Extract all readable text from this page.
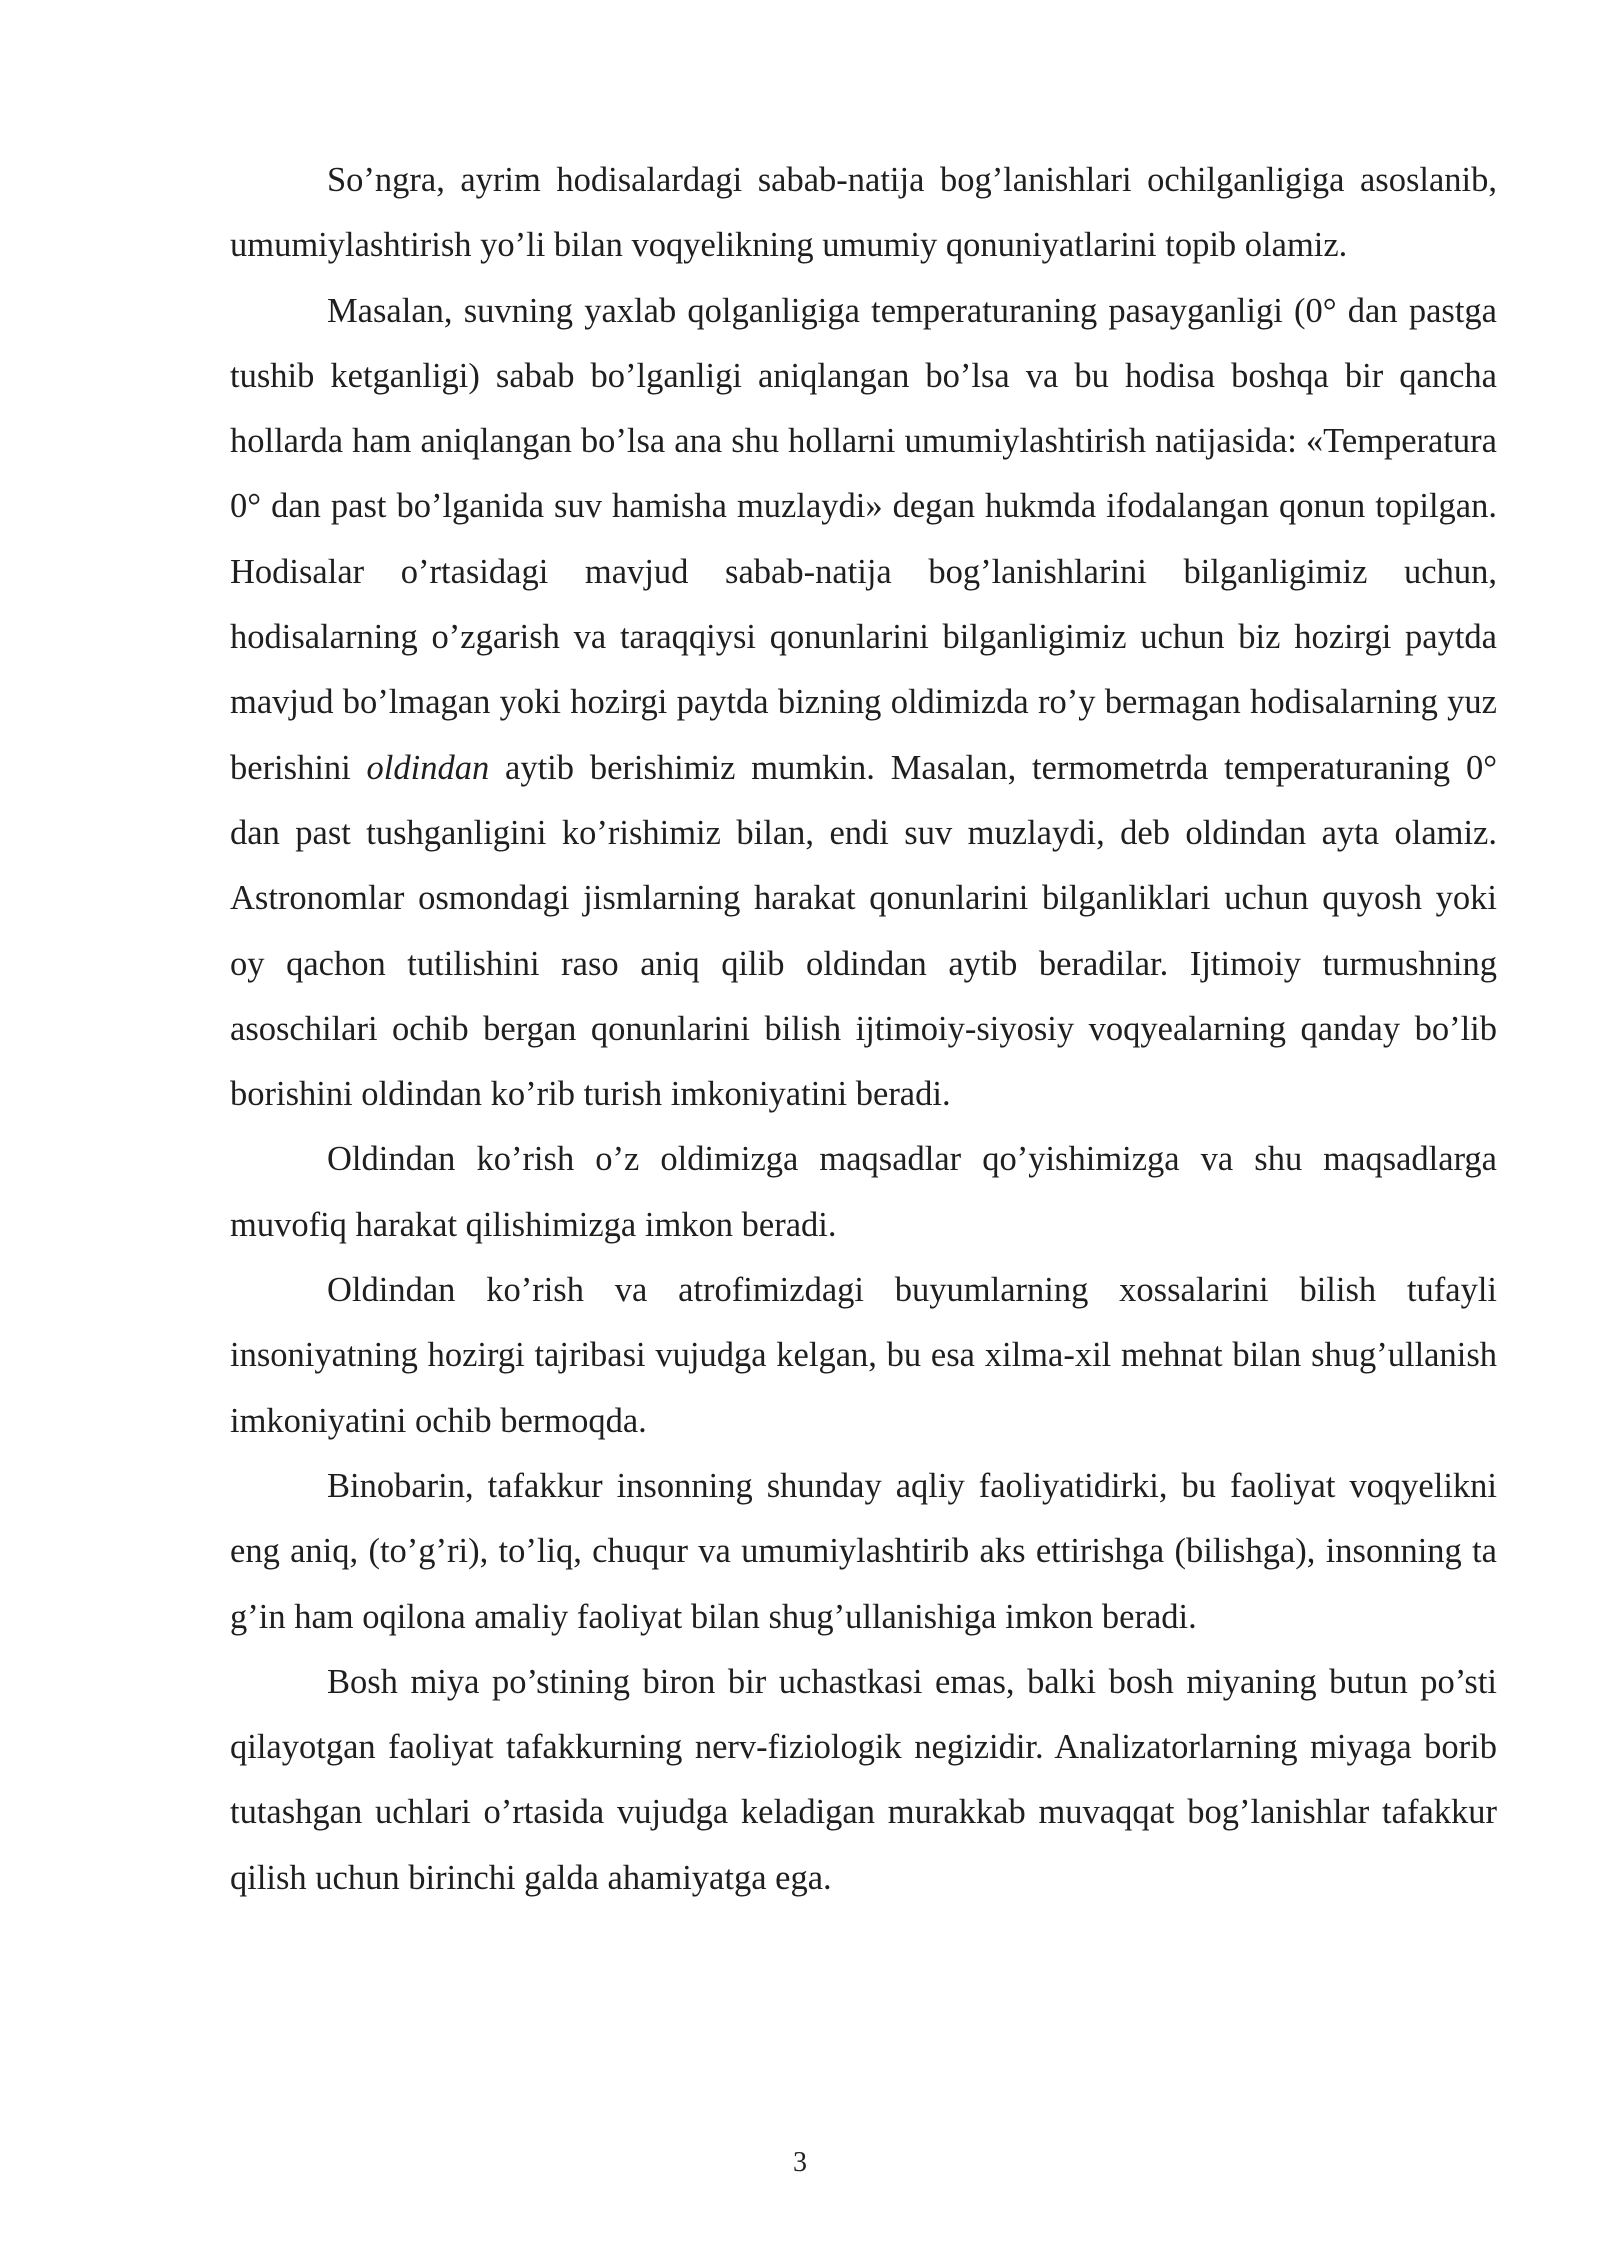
So’ngra, ayrim hodisalardagi sabab-natija bog’lanishlari ochilganligiga asoslanib, umumiylashtirish yo’li bilan voqyelikning umumiy qonuniyatlarini topib olamiz.

Masalan, suvning yaxlab qolganligiga temperaturaning pasayganligi (0° dan pastga tushib ketganligi) sabab bo’lganligi aniqlangan bo’lsa va bu hodisa boshqa bir qancha hollarda ham aniqlangan bo’lsa ana shu hollarni umumiylashtirish natijasida: «Temperatura 0° dan past bo’lganida suv hamisha muzlaydi» degan hukmda ifodalangan qonun topilgan. Hodisalar o’rtasidagi mavjud sabab-natija bog’lanishlarini bilganligimiz uchun, hodisalarning o’zgarish va taraqqiysi qonunlarini bilganligimiz uchun biz hozirgi paytda mavjud bo’lmagan yoki hozirgi paytda bizning oldimizda ro’y bermagan hodisalarning yuz berishini oldindan aytib berishimiz mumkin. Masalan, termometrda temperaturaning 0° dan past tushganligini ko’rishimiz bilan, endi suv muzlaydi, deb oldindan ayta olamiz. Astronomlar osmondagi jismlarning harakat qonunlarini bilganliklari uchun quyosh yoki oy qachon tutilishini raso aniq qilib oldindan aytib beradilar. Ijtimoiy turmushning asoschilari ochib bergan qonunlarini bilish ijtimoiy-siyosiy voqyealarning qanday bo’lib borishini oldindan ko’rib turish imkoniyatini beradi.

Oldindan ko’rish o’z oldimizga maqsadlar qo’yishimizga va shu maqsadlarga muvofiq harakat qilishimizga imkon beradi.

Oldindan ko’rish va atrofimizdagi buyumlarning xossalarini bilish tufayli insoniyatning hozirgi tajribasi vujudga kelgan, bu esa xilma-xil mehnat bilan shug’ullanish imkoniyatini ochib bermoqda.

Binobarin, tafakkur insonning shunday aqliy faoliyatidirki, bu faoliyat voqyelikni eng aniq, (to’g’ri), to’liq, chuqur va umumiylashtirib aks ettirishga (bilishga), insonning ta g’in ham oqilona amaliy faoliyat bilan shug’ullanishiga imkon beradi.

Bosh miya po’stining biron bir uchastkasi emas, balki bosh miyaning butun po’sti qilayotgan faoliyat tafakkurning nerv-fiziologik negizidir. Analizatorlarning miyaga borib tutashgan uchlari o’rtasida vujudga keladigan murakkab muvaqqat bog’lanishlar tafakkur qilish uchun birinchi galda ahamiyatga ega.

3
